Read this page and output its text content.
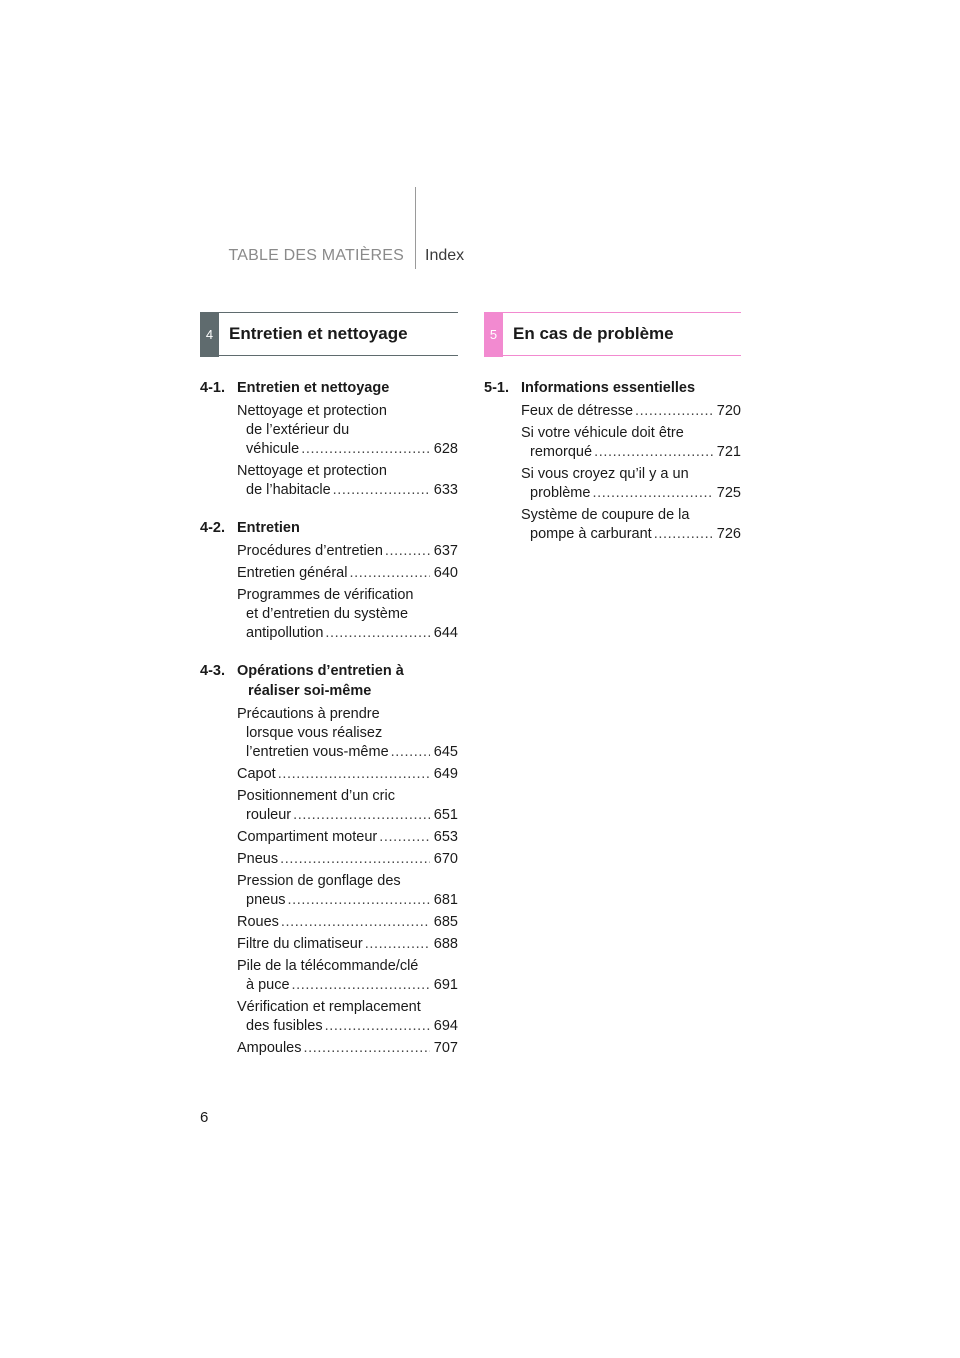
TABLE DES MATIÈRES Index
4 Entretien et nettoyage
4-1. Entretien et nettoyage
Nettoyage et protection
de l’extérieur du
véhicule .....	628
Nettoyage et protection
de l’habitacle .....	633
4-2. Entretien
Procédures d’entretien .....	637
Entretien général .....	640
Programmes de vérification
et d’entretien du système
antipollution .....	644
4-3. Opérations d’entretien à
réaliser soi-même
Précautions à prendre
lorsque vous réalisez
l’entretien vous-même .....	645
Capot .....	649
Positionnement d’un cric
rouleur .....	651
Compartiment moteur .....	653
Pneus .....	670
Pression de gonflage des
pneus .....	681
Roues .....	685
Filtre du climatiseur .....	688
Pile de la télécommande/clé
à puce .....	691
Vérification et remplacement
des fusibles .....	694
Ampoules .....	707
5 En cas de problème
5-1. Informations essentielles
Feux de détresse .....	720
Si votre véhicule doit être
remorqué .....	721
Si vous croyez qu’il y a un
problème .....	725
Système de coupure de la
pompe à carburant .....	726
6
